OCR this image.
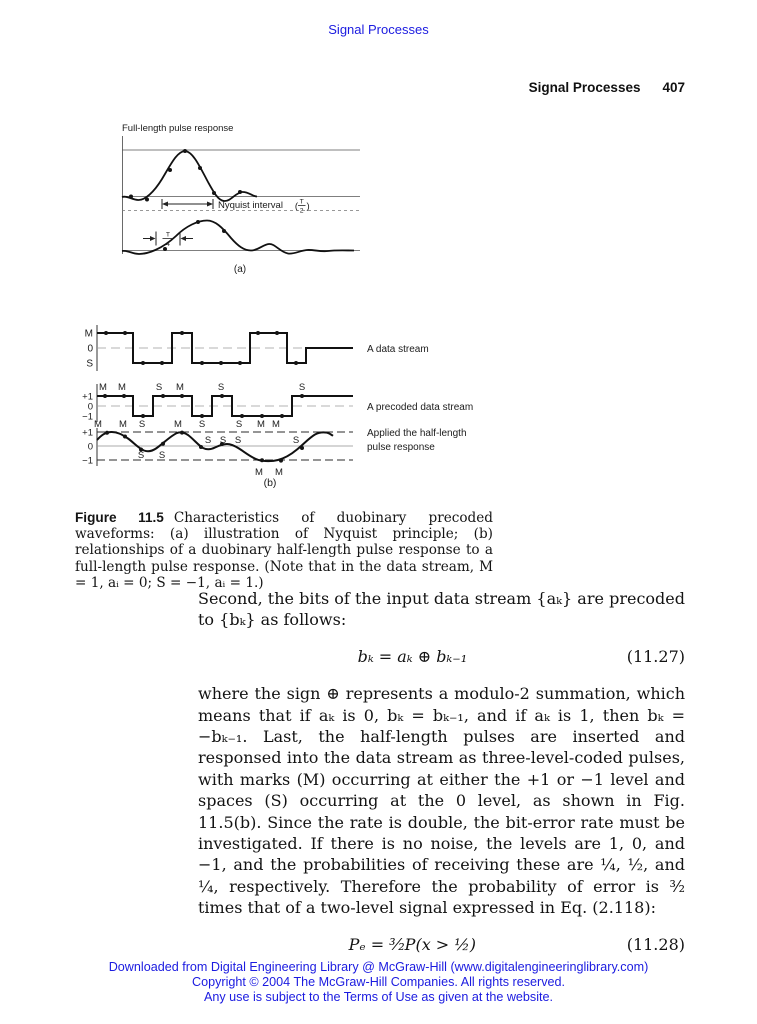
Signal Processes
Signal Processes 407
Full-length pulse response
Nyquist interval ( T
2 )
T
4
(a)
M
0
S
A data stream
+1
0
−1
A precoded data stream
+1
0
−1
M M	S M	S	S
M M S	M S	S M M
S S
S S S	S
M M
Applied the half-length
pulse response
(b)

Figure 11.5 Characteristics of duobinary precoded waveforms: (a) illustration of Nyquist principle; (b) relationships of a duobinary half-length pulse response to a full-length pulse response. (Note that in the data stream, M = 1, aᵢ = 0; S = −1, aᵢ = 1.)

Second, the bits of the input data stream {aₖ} are precoded to {bₖ} as follows:

bₖ = aₖ ⊕ bₖ₋₁	(11.27)

where the sign ⊕ represents a modulo-2 summation, which means that if aₖ is 0, bₖ = bₖ₋₁, and if aₖ is 1, then bₖ = −bₖ₋₁. Last, the half-length pulses are inserted and responsed into the data stream as three-level-coded pulses, with marks (M) occurring at either the +1 or −1 level and spaces (S) occurring at the 0 level, as shown in Fig. 11.5(b). Since the rate is double, the bit-error rate must be investigated. If there is no noise, the levels are 1, 0, and −1, and the probabilities of receiving these are ¼, ½, and ¼, respectively. Therefore the probability of error is ³⁄₂ times that of a two-level signal expressed in Eq. (2.118):

Pₑ = ³⁄₂P(x > ½)	(11.28)
Downloaded from Digital Engineering Library @ McGraw-Hill (www.digitalengineeringlibrary.com)
Copyright © 2004 The McGraw-Hill Companies. All rights reserved.
Any use is subject to the Terms of Use as given at the website.
